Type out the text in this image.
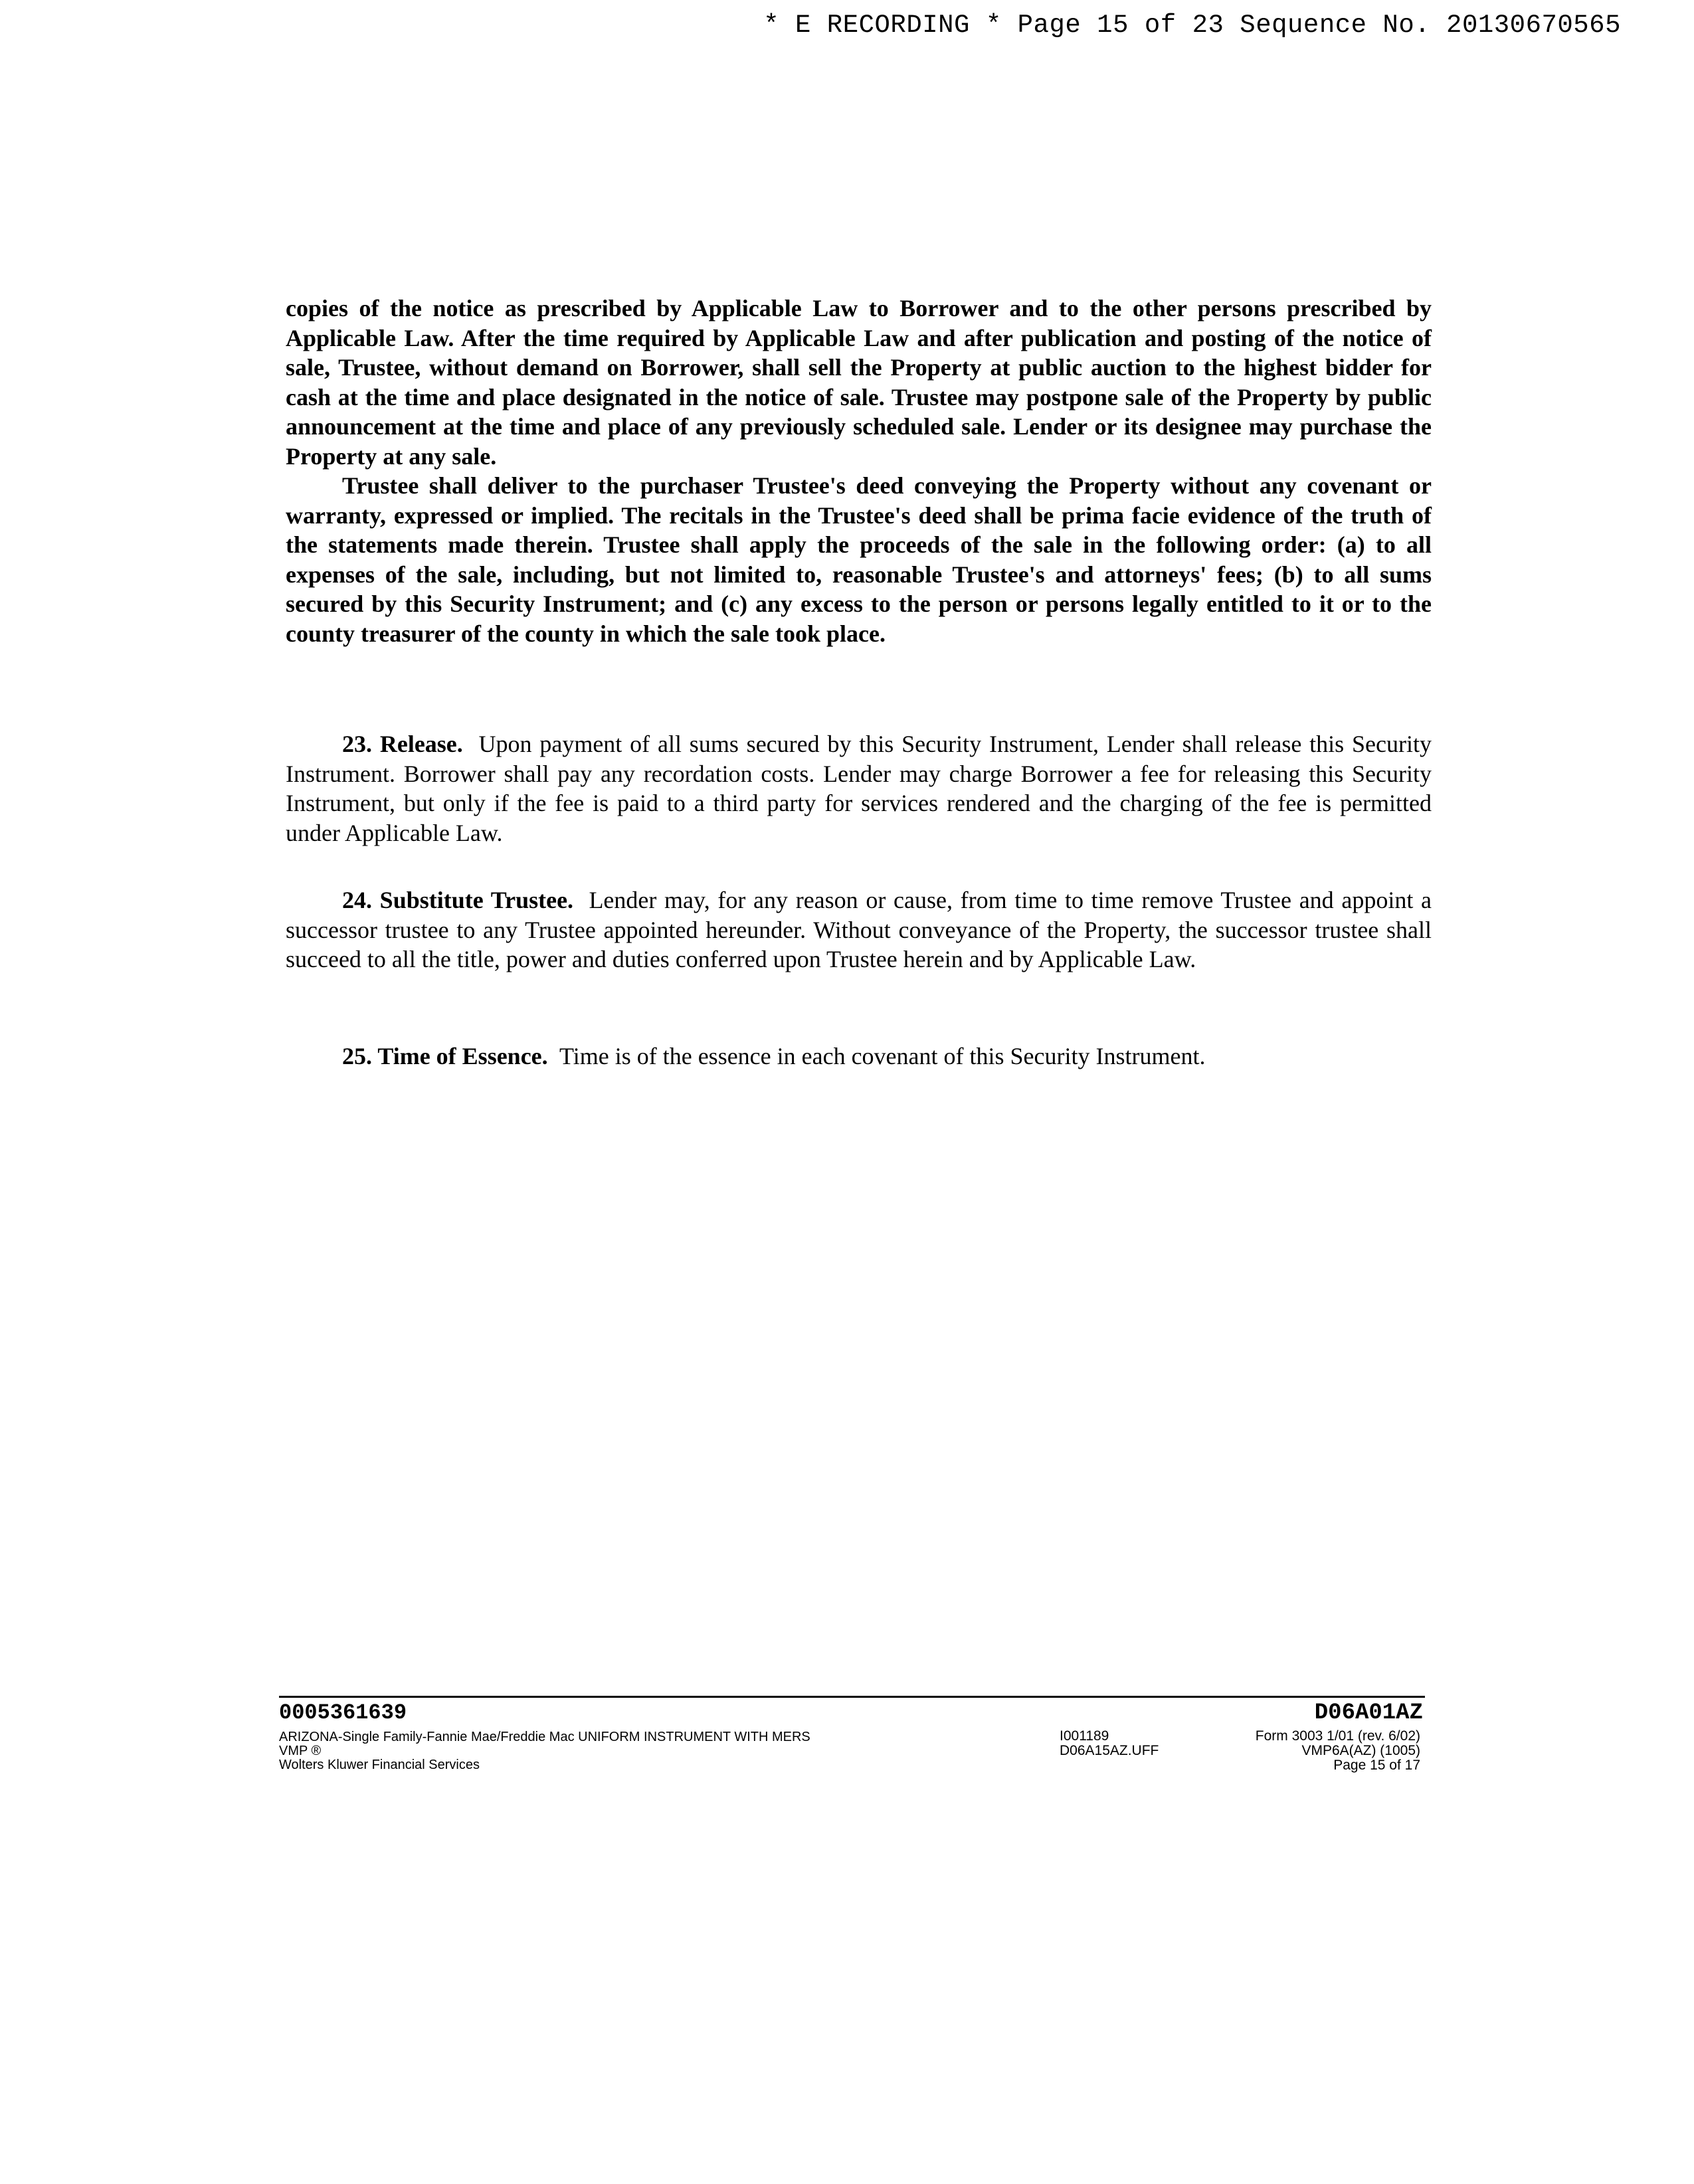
* E RECORDING * Page 15 of 23 Sequence No. 20130670565

copies of the notice as prescribed by Applicable Law to Borrower and to the other persons prescribed by Applicable Law. After the time required by Applicable Law and after publication and posting of the notice of sale, Trustee, without demand on Borrower, shall sell the Property at public auction to the highest bidder for cash at the time and place designated in the notice of sale. Trustee may postpone sale of the Property by public announcement at the time and place of any previously scheduled sale. Lender or its designee may purchase the Property at any sale.

Trustee shall deliver to the purchaser Trustee's deed conveying the Property without any covenant or warranty, expressed or implied. The recitals in the Trustee's deed shall be prima facie evidence of the truth of the statements made therein. Trustee shall apply the proceeds of the sale in the following order: (a) to all expenses of the sale, including, but not limited to, reasonable Trustee's and attorneys' fees; (b) to all sums secured by this Security Instrument; and (c) any excess to the person or persons legally entitled to it or to the county treasurer of the county in which the sale took place.

23. Release. Upon payment of all sums secured by this Security Instrument, Lender shall release this Security Instrument. Borrower shall pay any recordation costs. Lender may charge Borrower a fee for releasing this Security Instrument, but only if the fee is paid to a third party for services rendered and the charging of the fee is permitted under Applicable Law.

24. Substitute Trustee. Lender may, for any reason or cause, from time to time remove Trustee and appoint a successor trustee to any Trustee appointed hereunder. Without conveyance of the Property, the successor trustee shall succeed to all the title, power and duties conferred upon Trustee herein and by Applicable Law.

25. Time of Essence. Time is of the essence in each covenant of this Security Instrument.

0005361639	D06A01AZ
ARIZONA-Single Family-Fannie Mae/Freddie Mac UNIFORM INSTRUMENT WITH MERS
VMP ®
Wolters Kluwer Financial Services
I001189
D06A15AZ.UFF
Form 3003 1/01 (rev. 6/02)
VMP6A(AZ) (1005)
Page 15 of 17
